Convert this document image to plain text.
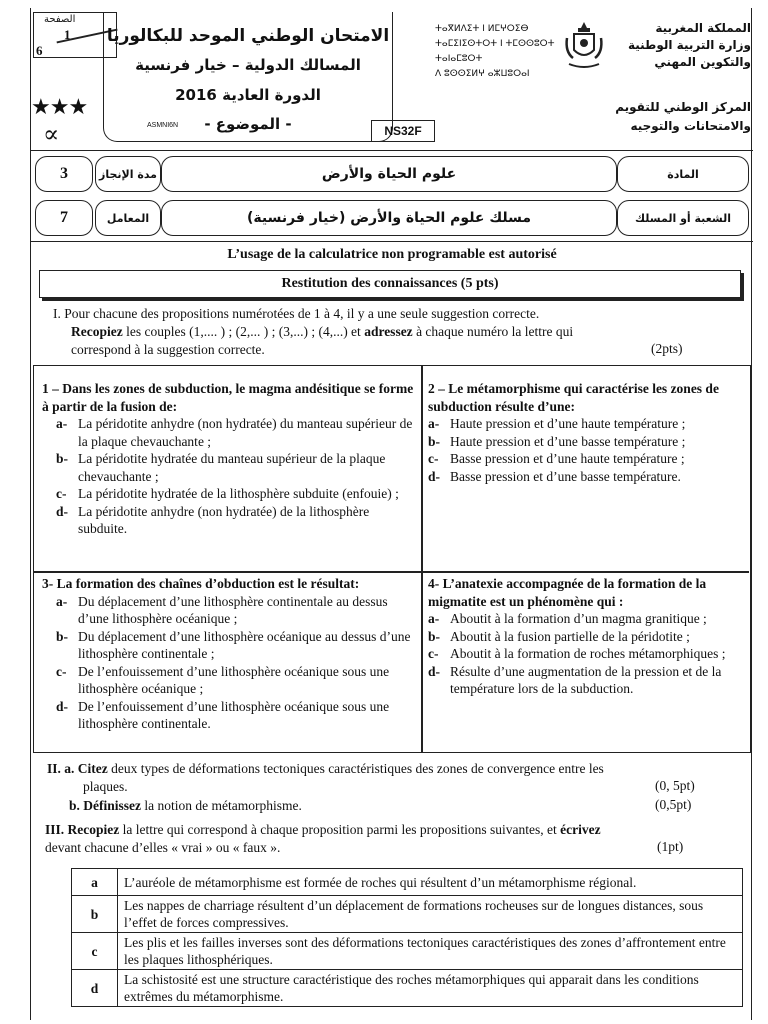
الصفحة
1
6
★★★
∝
الامتحان الوطني الموحد للبكالوريا
المسالك الدولية – خيار فرنسية
الدورة العادية 2016
- الموضوع -
ASMNI6N	NS32F
ⵜⴰⴳⵍⴷⵉⵜ ⵏ ⵍⵎⵖⵔⵉⴱ
ⵜⴰⵎⵉⵏⵉⵙⵜⵔⵜ ⵏ ⵜⵎⵙⵙⵓⵔⵜ ⵜⴰⵏⴰⵎⵓⵔⵜ
ⴷ ⵓⵙⵙⵉⵍⵖ ⴰⵣⵡⵓⵔⴰⵏ
المملكة المغربية
وزارة التربية الوطنية
والتكوين المهني
المركز الوطني للتقويم
والامتحانات والتوجيه
3	مدة الإنجاز	علوم الحياة والأرض	المادة
7	المعامل	مسلك علوم الحياة والأرض (خيار فرنسية)	الشعبة أو المسلك
L’usage de la calculatrice non programable est autorisé
Restitution des connaissances (5 pts)
I. Pour chacune des propositions numérotées de 1 à 4, il y a une seule suggestion correcte.
Recopiez les couples (1,.... ) ; (2,... ) ; (3,...) ; (4,...) et adressez à chaque numéro la lettre qui
correspond à la suggestion correcte.	(2pts)
1 – Dans les zones de subduction, le magma andésitique se forme à partir de la fusion de:
a- La péridotite anhydre (non hydratée) du manteau supérieur de la plaque chevauchante ;
b- La péridotite hydratée du manteau supérieur de la plaque chevauchante ;
c- La péridotite hydratée de la lithosphère subduite (enfouie) ;
d- La péridotite anhydre (non hydratée) de la lithosphère subduite.
2 – Le métamorphisme qui caractérise les zones de subduction résulte d’une:
a- Haute pression et d’une haute température ;
b- Haute pression et d’une basse température ;
c- Basse pression et d’une haute température ;
d- Basse pression et d’une basse température.
3- La formation des chaînes d’obduction est le résultat:
a- Du déplacement d’une lithosphère continentale au dessus d’une lithosphère océanique ;
b- Du déplacement d’une lithosphère océanique au dessus d’une lithosphère continentale ;
c- De l’enfouissement d’une lithosphère océanique sous une lithosphère océanique ;
d- De l’enfouissement d’une lithosphère océanique sous une lithosphère continentale.
4- L’anatexie accompagnée de la formation de la migmatite est un phénomène qui :
a- Aboutit à la formation d’un magma granitique ;
b- Aboutit à la fusion partielle de la péridotite ;
c- Aboutit à la formation de roches métamorphiques ;
d- Résulte d’une augmentation de la pression et de la température lors de la subduction.
II. a. Citez deux types de déformations tectoniques caractéristiques des zones de convergence entre les
plaques.	(0, 5pt)
b. Définissez la notion de métamorphisme.	(0,5pt)
III. Recopiez la lettre qui correspond à chaque proposition parmi les propositions suivantes, et écrivez
devant chacune d’elles « vrai » ou « faux ».	(1pt)
a	L’auréole de métamorphisme est formée de roches qui résultent d’un métamorphisme régional.
b	Les nappes de charriage résultent d’un déplacement de formations rocheuses sur de longues distances, sous l’effet de forces compressives.
c	Les plis et les failles inverses sont des déformations tectoniques caractéristiques des zones d’affrontement entre les plaques lithosphériques.
d	La schistosité est une structure caractéristique des roches métamorphiques qui apparait dans les conditions extrêmes du métamorphisme.
